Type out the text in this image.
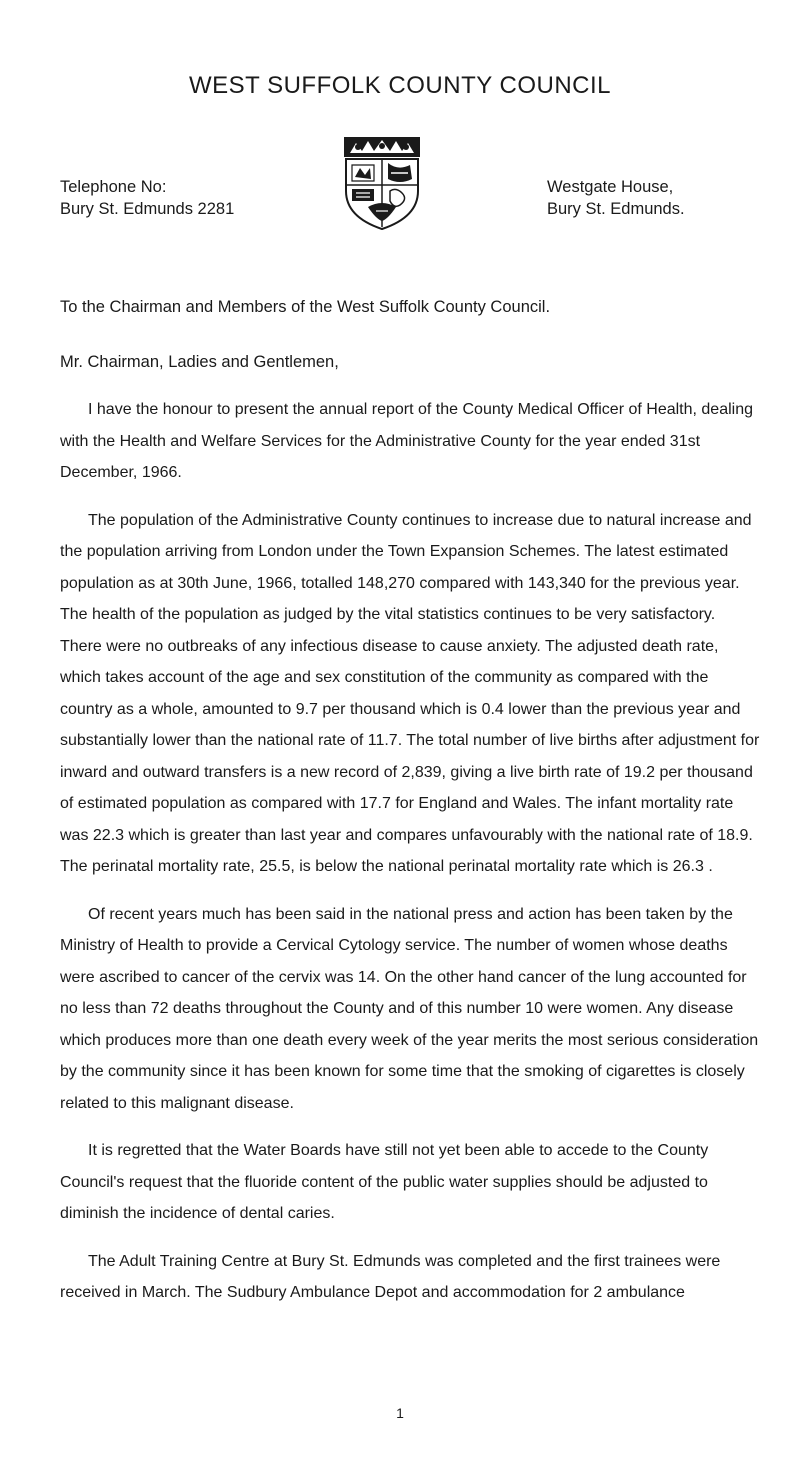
WEST SUFFOLK COUNTY COUNCIL
Telephone No:
Bury St. Edmunds 2281
Westgate House,
Bury St. Edmunds.
To the Chairman and Members of the West Suffolk County Council.
Mr. Chairman, Ladies and Gentlemen,

I have the honour to present the annual report of the County Medical Officer of Health, dealing with the Health and Welfare Services for the Administrative County for the year ended 31st December, 1966.

The population of the Administrative County continues to increase due to natural increase and the population arriving from London under the Town Expansion Schemes. The latest estimated population as at 30th June, 1966, totalled 148,270 compared with 143,340 for the previous year. The health of the population as judged by the vital statistics continues to be very satisfactory. There were no outbreaks of any infectious disease to cause anxiety. The adjusted death rate, which takes account of the age and sex constitution of the community as compared with the country as a whole, amounted to 9.7 per thousand which is 0.4 lower than the previous year and substantially lower than the national rate of 11.7. The total number of live births after adjustment for inward and outward transfers is a new record of 2,839, giving a live birth rate of 19.2 per thousand of estimated population as compared with 17.7 for England and Wales. The infant mortality rate was 22.3 which is greater than last year and compares unfavourably with the national rate of 18.9. The perinatal mortality rate, 25.5, is below the national perinatal mortality rate which is 26.3 .

Of recent years much has been said in the national press and action has been taken by the Ministry of Health to provide a Cervical Cytology service. The number of women whose deaths were ascribed to cancer of the cervix was 14. On the other hand cancer of the lung accounted for no less than 72 deaths throughout the County and of this number 10 were women. Any disease which produces more than one death every week of the year merits the most serious consideration by the community since it has been known for some time that the smoking of cigarettes is closely related to this malignant disease.

It is regretted that the Water Boards have still not yet been able to accede to the County Council's request that the fluoride content of the public water supplies should be adjusted to diminish the incidence of dental caries.

The Adult Training Centre at Bury St. Edmunds was completed and the first trainees were received in March. The Sudbury Ambulance Depot and accommodation for 2 ambulance

1
